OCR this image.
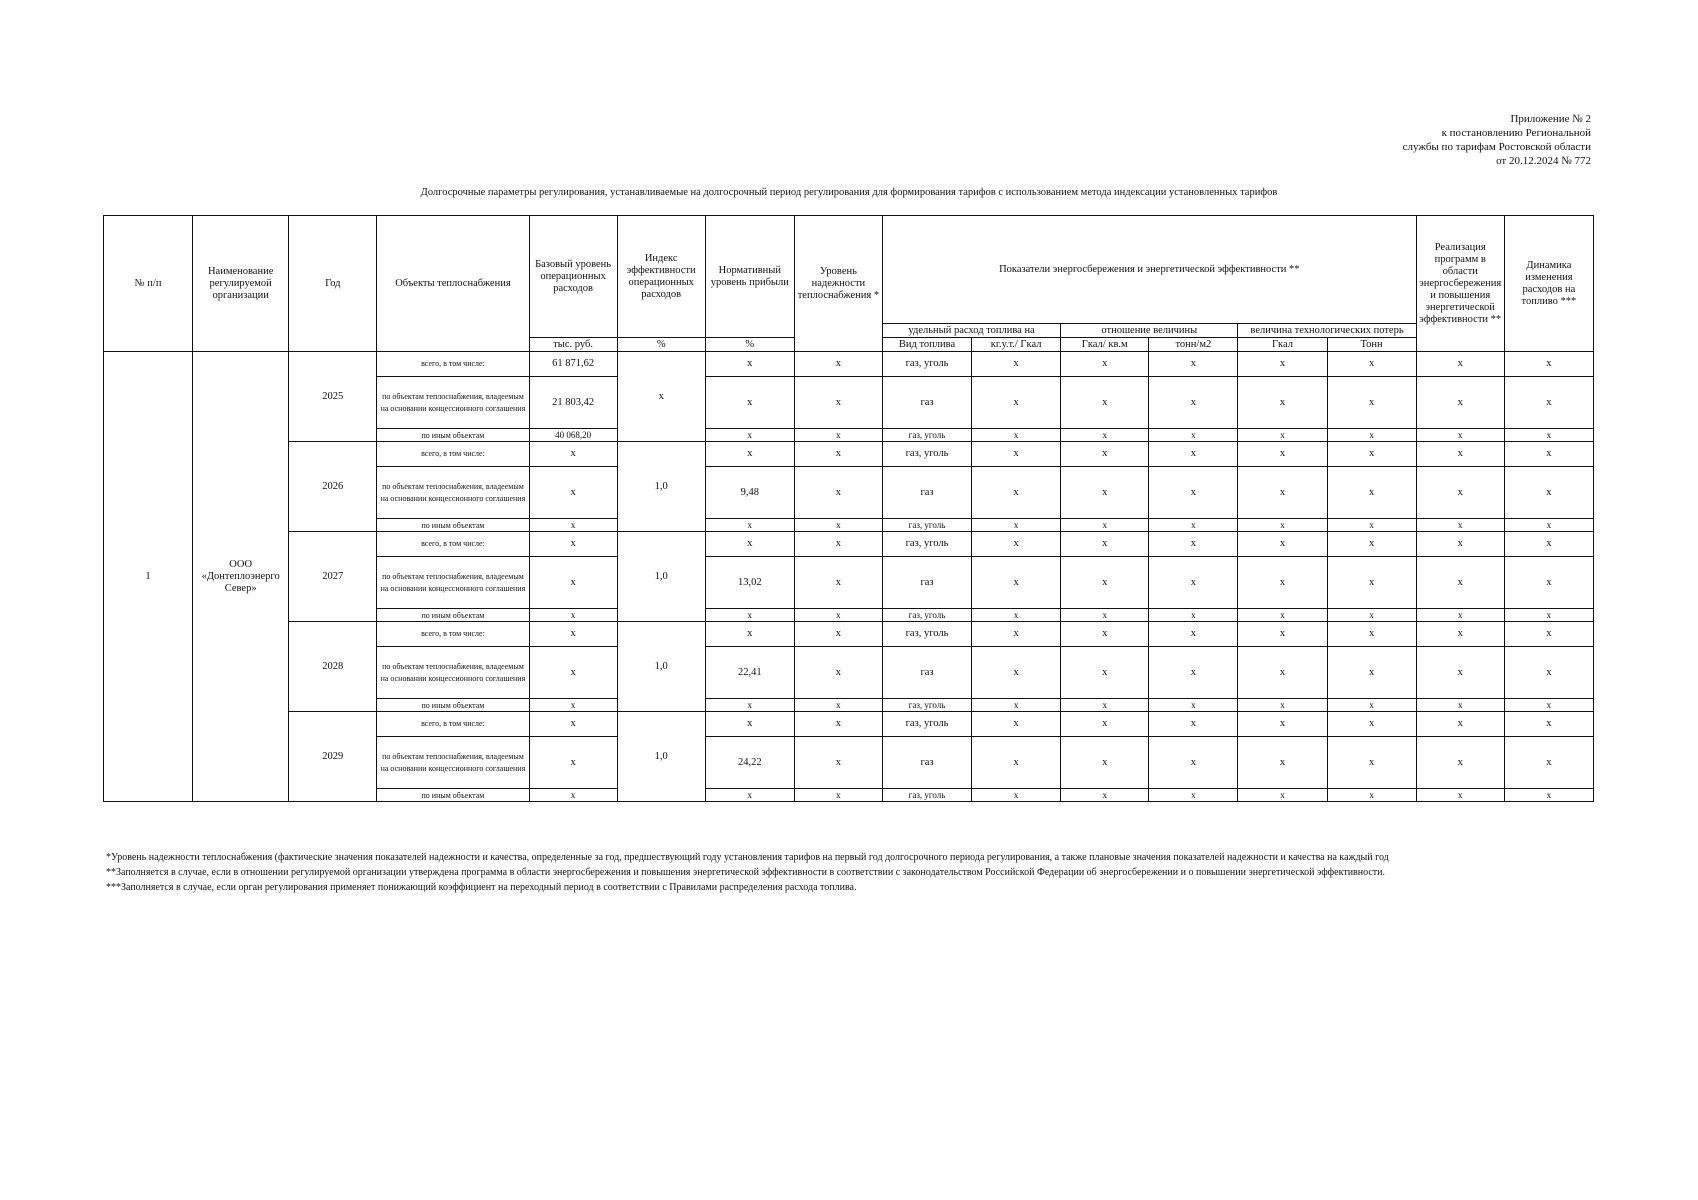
Приложение № 2
к постановлению Региональной
службы по тарифам Ростовской области
от 20.12.2024 № 772
Долгосрочные параметры регулирования, устанавливаемые на долгосрочный период регулирования для формирования тарифов с использованием метода индексации установленных тарифов
№ п/п	Наименование регулируемой организации	Год	Объекты теплоснабжения	Базовый уровень операционных расходов	Индекс эффективности операционных расходов	Нормативный уровень прибыли	Уровень надежности теплоснабжения *	Показатели энергосбережения и энергетической эффективности **						Реализация программ в области энергосбережения и повышения энергетической эффективности **	Динамика изменения расходов на топливо ***
								удельный расход топлива на		отношение величины		величина технологических потерь			
				тыс. руб.	%	%		Вид топлива	кг.у.т./ Гкал	Гкал/ кв.м	тонн/м2	Гкал	Тонн		
1	ООО «Донтеплоэнерго Север»	2025	всего, в том числе:	61 871,62	х	х	х	газ, уголь	х	х	х	х	х	х	х
			по объектам теплоснабжения, владеемым на основании концессионного соглашения	21 803,42		х	х	газ	х	х	х	х	х	х	х
			по иным объектам	40 068,20		х	х	газ, уголь	х	х	х	х	х	х	х
		2026	всего, в том числе:	х	1,0	х	х	газ, уголь	х	х	х	х	х	х	х
			по объектам теплоснабжения, владеемым на основании концессионного соглашения	х		9,48	х	газ	х	х	х	х	х	х	х
			по иным объектам	х		х	х	газ, уголь	х	х	х	х	х	х	х
		2027	всего, в том числе:	х	1,0	х	х	газ, уголь	х	х	х	х	х	х	х
			по объектам теплоснабжения, владеемым на основании концессионного соглашения	х		13,02	х	газ	х	х	х	х	х	х	х
			по иным объектам	х		х	х	газ, уголь	х	х	х	х	х	х	х
		2028	всего, в том числе:	х	1,0	х	х	газ, уголь	х	х	х	х	х	х	х
			по объектам теплоснабжения, владеемым на основании концессионного соглашения	х		22,41	х	газ	х	х	х	х	х	х	х
			по иным объектам	х		х	х	газ, уголь	х	х	х	х	х	х	х
		2029	всего, в том числе:	х	1,0	х	х	газ, уголь	х	х	х	х	х	х	х
			по объектам теплоснабжения, владеемым на основании концессионного соглашения	х		24,22	х	газ	х	х	х	х	х	х	х
			по иным объектам	х		х	х	газ, уголь	х	х	х	х	х	х	х
*Уровень надежности теплоснабжения (фактические значения показателей надежности и качества, определенные за год, предшествующий году установления тарифов на первый год долгосрочного периода регулирования, а также плановые значения показателей надежности и качества на каждый год
**Заполняется в случае, если в отношении регулируемой организации утверждена программа в области энергосбережения и повышения энергетической эффективности в соответствии с законодательством Российской Федерации об энергосбережении и о повышении энергетической эффективности.
***Заполняется в случае, если орган регулирования применяет понижающий коэффициент на переходный период в соответствии с Правилами распределения расхода топлива.
